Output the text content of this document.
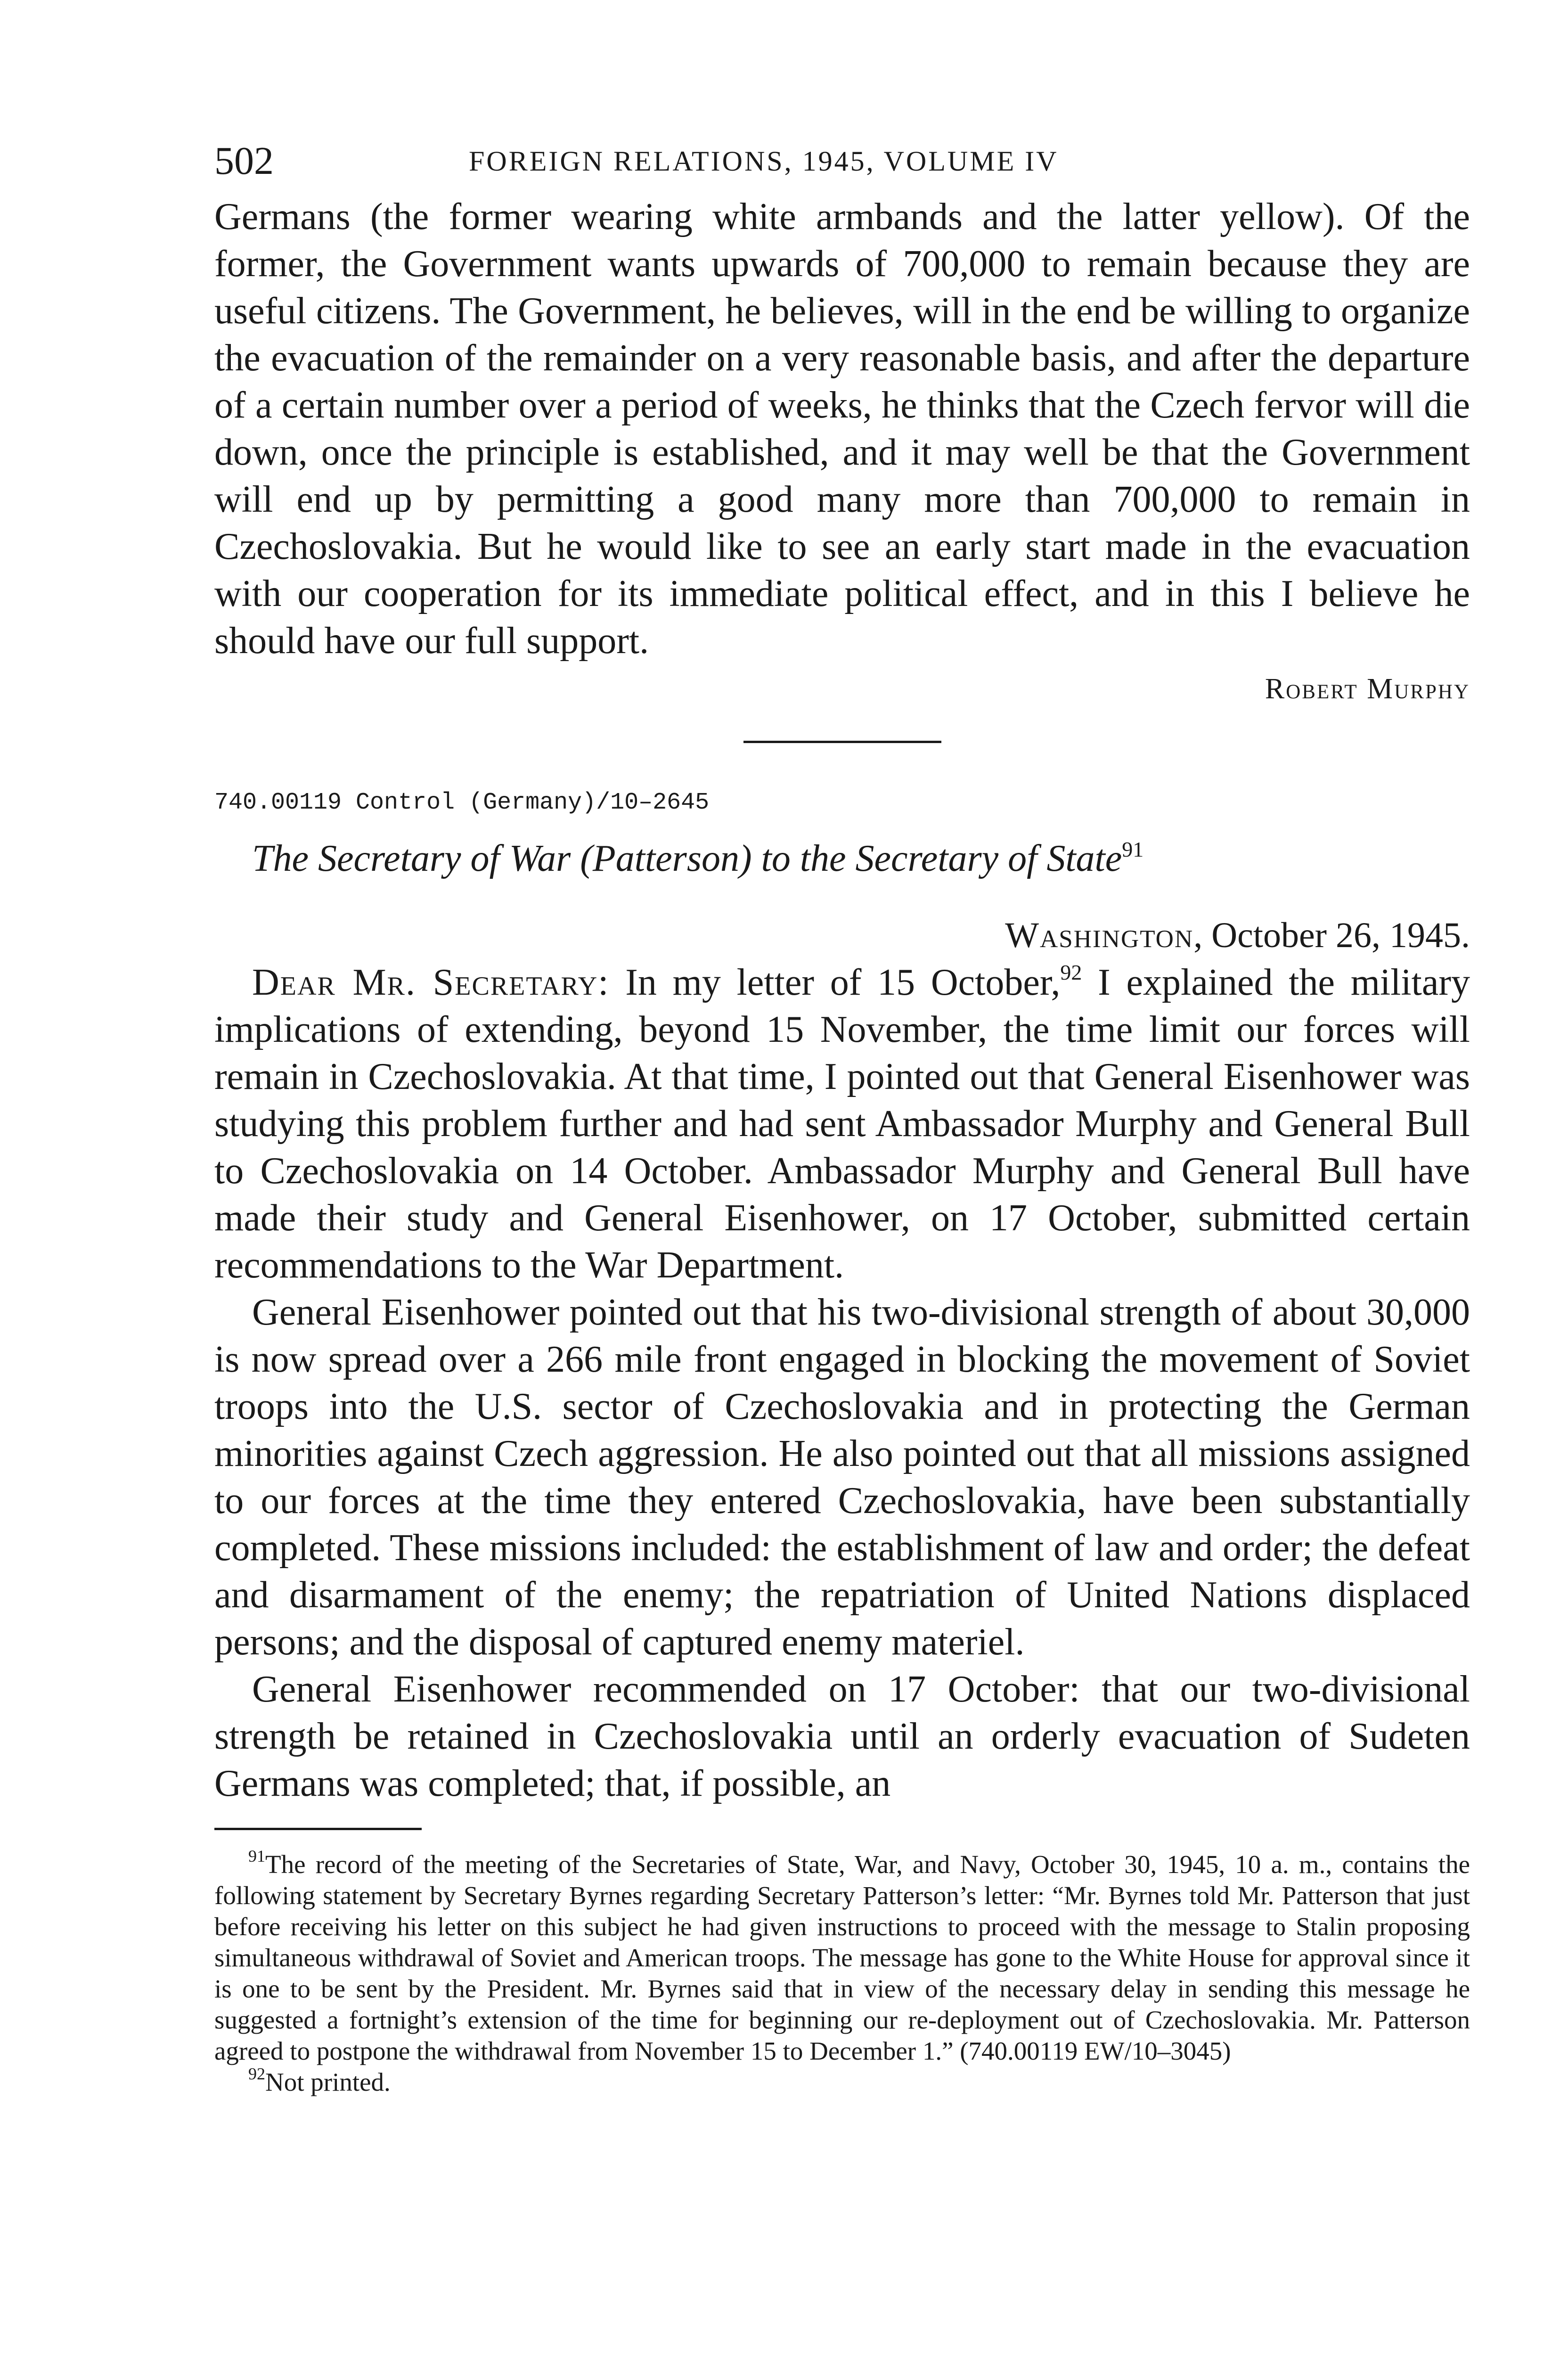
502	FOREIGN RELATIONS, 1945, VOLUME IV

Germans (the former wearing white armbands and the latter yellow). Of the former, the Government wants upwards of 700,000 to remain because they are useful citizens. The Government, he believes, will in the end be willing to organize the evacuation of the remainder on a very reasonable basis, and after the departure of a certain number over a period of weeks, he thinks that the Czech fervor will die down, once the principle is established, and it may well be that the Government will end up by permitting a good many more than 700,000 to remain in Czechoslovakia. But he would like to see an early start made in the evacuation with our cooperation for its immediate political effect, and in this I believe he should have our full support.

Robert Murphy
740.00119 Control (Germany)/10–2645
The Secretary of War (Patterson) to the Secretary of State$^{91}$
Washington, October 26, 1945.

Dear Mr. Secretary: In my letter of 15 October,$^{92}$ I explained the military implications of extending, beyond 15 November, the time limit our forces will remain in Czechoslovakia. At that time, I pointed out that General Eisenhower was studying this problem further and had sent Ambassador Murphy and General Bull to Czechoslovakia on 14 October. Ambassador Murphy and General Bull have made their study and General Eisenhower, on 17 October, submitted certain recommendations to the War Department.

General Eisenhower pointed out that his two-divisional strength of about 30,000 is now spread over a 266 mile front engaged in blocking the movement of Soviet troops into the U.S. sector of Czechoslovakia and in protecting the German minorities against Czech aggression. He also pointed out that all missions assigned to our forces at the time they entered Czechoslovakia, have been substantially completed. These missions included: the establishment of law and order; the defeat and disarmament of the enemy; the repatriation of United Nations displaced persons; and the disposal of captured enemy materiel.

General Eisenhower recommended on 17 October: that our two-divisional strength be retained in Czechoslovakia until an orderly evacuation of Sudeten Germans was completed; that, if possible, an

$^{91}$The record of the meeting of the Secretaries of State, War, and Navy, October 30, 1945, 10 a. m., contains the following statement by Secretary Byrnes regarding Secretary Patterson’s letter: “Mr. Byrnes told Mr. Patterson that just before receiving his letter on this subject he had given instructions to proceed with the message to Stalin proposing simultaneous withdrawal of Soviet and American troops. The message has gone to the White House for approval since it is one to be sent by the President. Mr. Byrnes said that in view of the necessary delay in sending this message he suggested a fortnight’s extension of the time for beginning our re-deployment out of Czechoslovakia. Mr. Patterson agreed to postpone the withdrawal from November 15 to December 1.” (740.00119 EW/10–3045)

$^{92}$Not printed.
